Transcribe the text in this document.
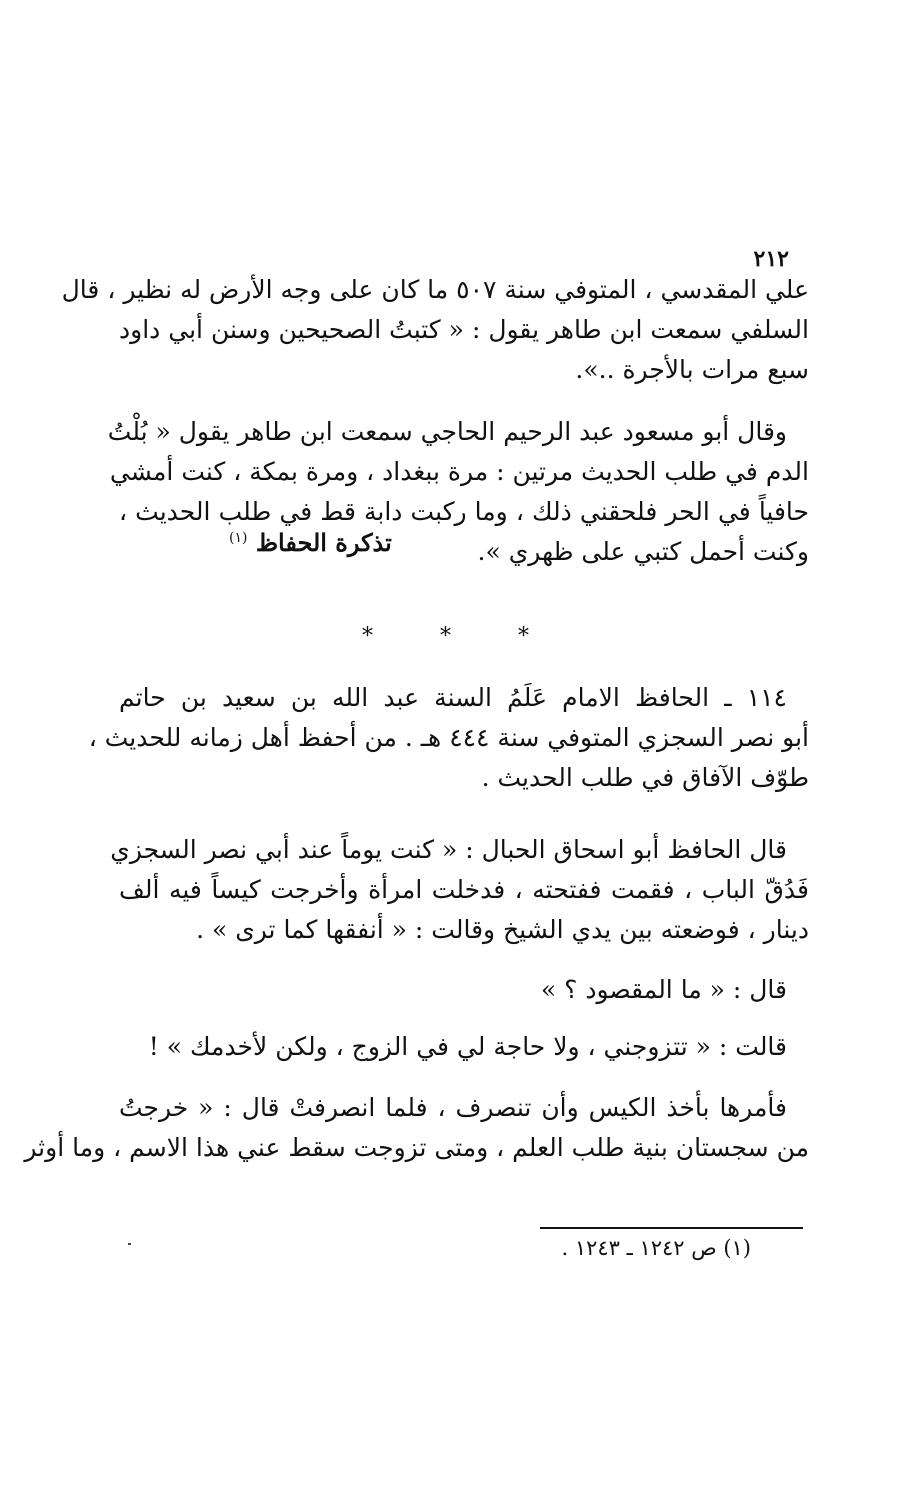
٢١٢
علي المقدسي ، المتوفي سنة ٥٠٧ ما كان على وجه الأرض له نظير ، قال
السلفي سمعت ابن طاهر يقول : « كتبتُ الصحيحين وسنن أبي داود
سبع مرات بالأجرة ..».
وقال أبو مسعود عبد الرحيم الحاجي سمعت ابن طاهر يقول « بُلْتُ
الدم في طلب الحديث مرتين : مرة ببغداد ، ومرة بمكة ، كنت أمشي
حافياً في الحر فلحقني ذلك ، وما ركبت دابة قط في طلب الحديث ،
وكنت أحمل كتبي على ظهري ».
تذكرة الحفاظ $^{(١)}$
* * *
١١٤ ـ الحافظ الامام عَلَمُ السنة عبد الله بن سعيد بن حاتم
أبو نصر السجزي المتوفي سنة ٤٤٤ هـ . من أحفظ أهل زمانه للحديث ،
طوّف الآفاق في طلب الحديث .
قال الحافظ أبو اسحاق الحبال : « كنت يوماً عند أبي نصر السجزي
فَدُقّ الباب ، فقمت ففتحته ، فدخلت امرأة وأخرجت كيساً فيه ألف
دينار ، فوضعته بين يدي الشيخ وقالت : « أنفقها كما ترى » .
قال : « ما المقصود ؟ »
قالت : « تتزوجني ، ولا حاجة لي في الزوج ، ولكن لأخدمك » !
فأمرها بأخذ الكيس وأن تنصرف ، فلما انصرفتْ قال : « خرجتُ
من سجستان بنية طلب العلم ، ومتى تزوجت سقط عني هذا الاسم ، وما أوثر
(١) ص ١٢٤٢ ـ ١٢٤٣ .
